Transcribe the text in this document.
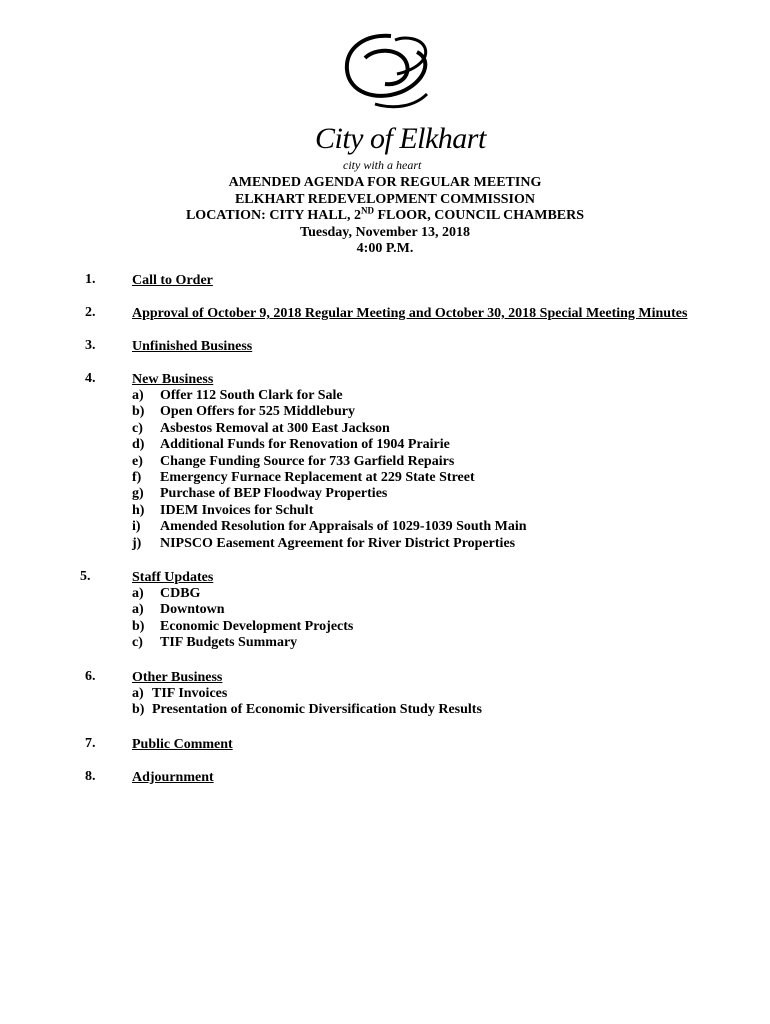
City of Elkhart
city with a heart
AMENDED AGENDA FOR REGULAR MEETING
ELKHART REDEVELOPMENT COMMISSION
LOCATION: CITY HALL, 2ND FLOOR, COUNCIL CHAMBERS
Tuesday, November 13, 2018
4:00 P.M.
1.	Call to Order
2.	Approval of October 9, 2018 Regular Meeting and October 30, 2018 Special Meeting Minutes
3.	Unfinished Business
4.	New Business
a)	Offer 112 South Clark for Sale
b)	Open Offers for 525 Middlebury
c)	Asbestos Removal at 300 East Jackson
d)	Additional Funds for Renovation of 1904 Prairie
e)	Change Funding Source for 733 Garfield Repairs
f)	Emergency Furnace Replacement at 229 State Street
g)	Purchase of BEP Floodway Properties
h)	IDEM Invoices for Schult
i)	Amended Resolution for Appraisals of 1029-1039 South Main
j)	NIPSCO Easement Agreement for River District Properties
5.	Staff Updates
a)	CDBG
a)	Downtown
b)	Economic Development Projects
c)	TIF Budgets Summary
6.	Other Business
a) TIF Invoices
b) Presentation of Economic Diversification Study Results
7.	Public Comment
8.	Adjournment
